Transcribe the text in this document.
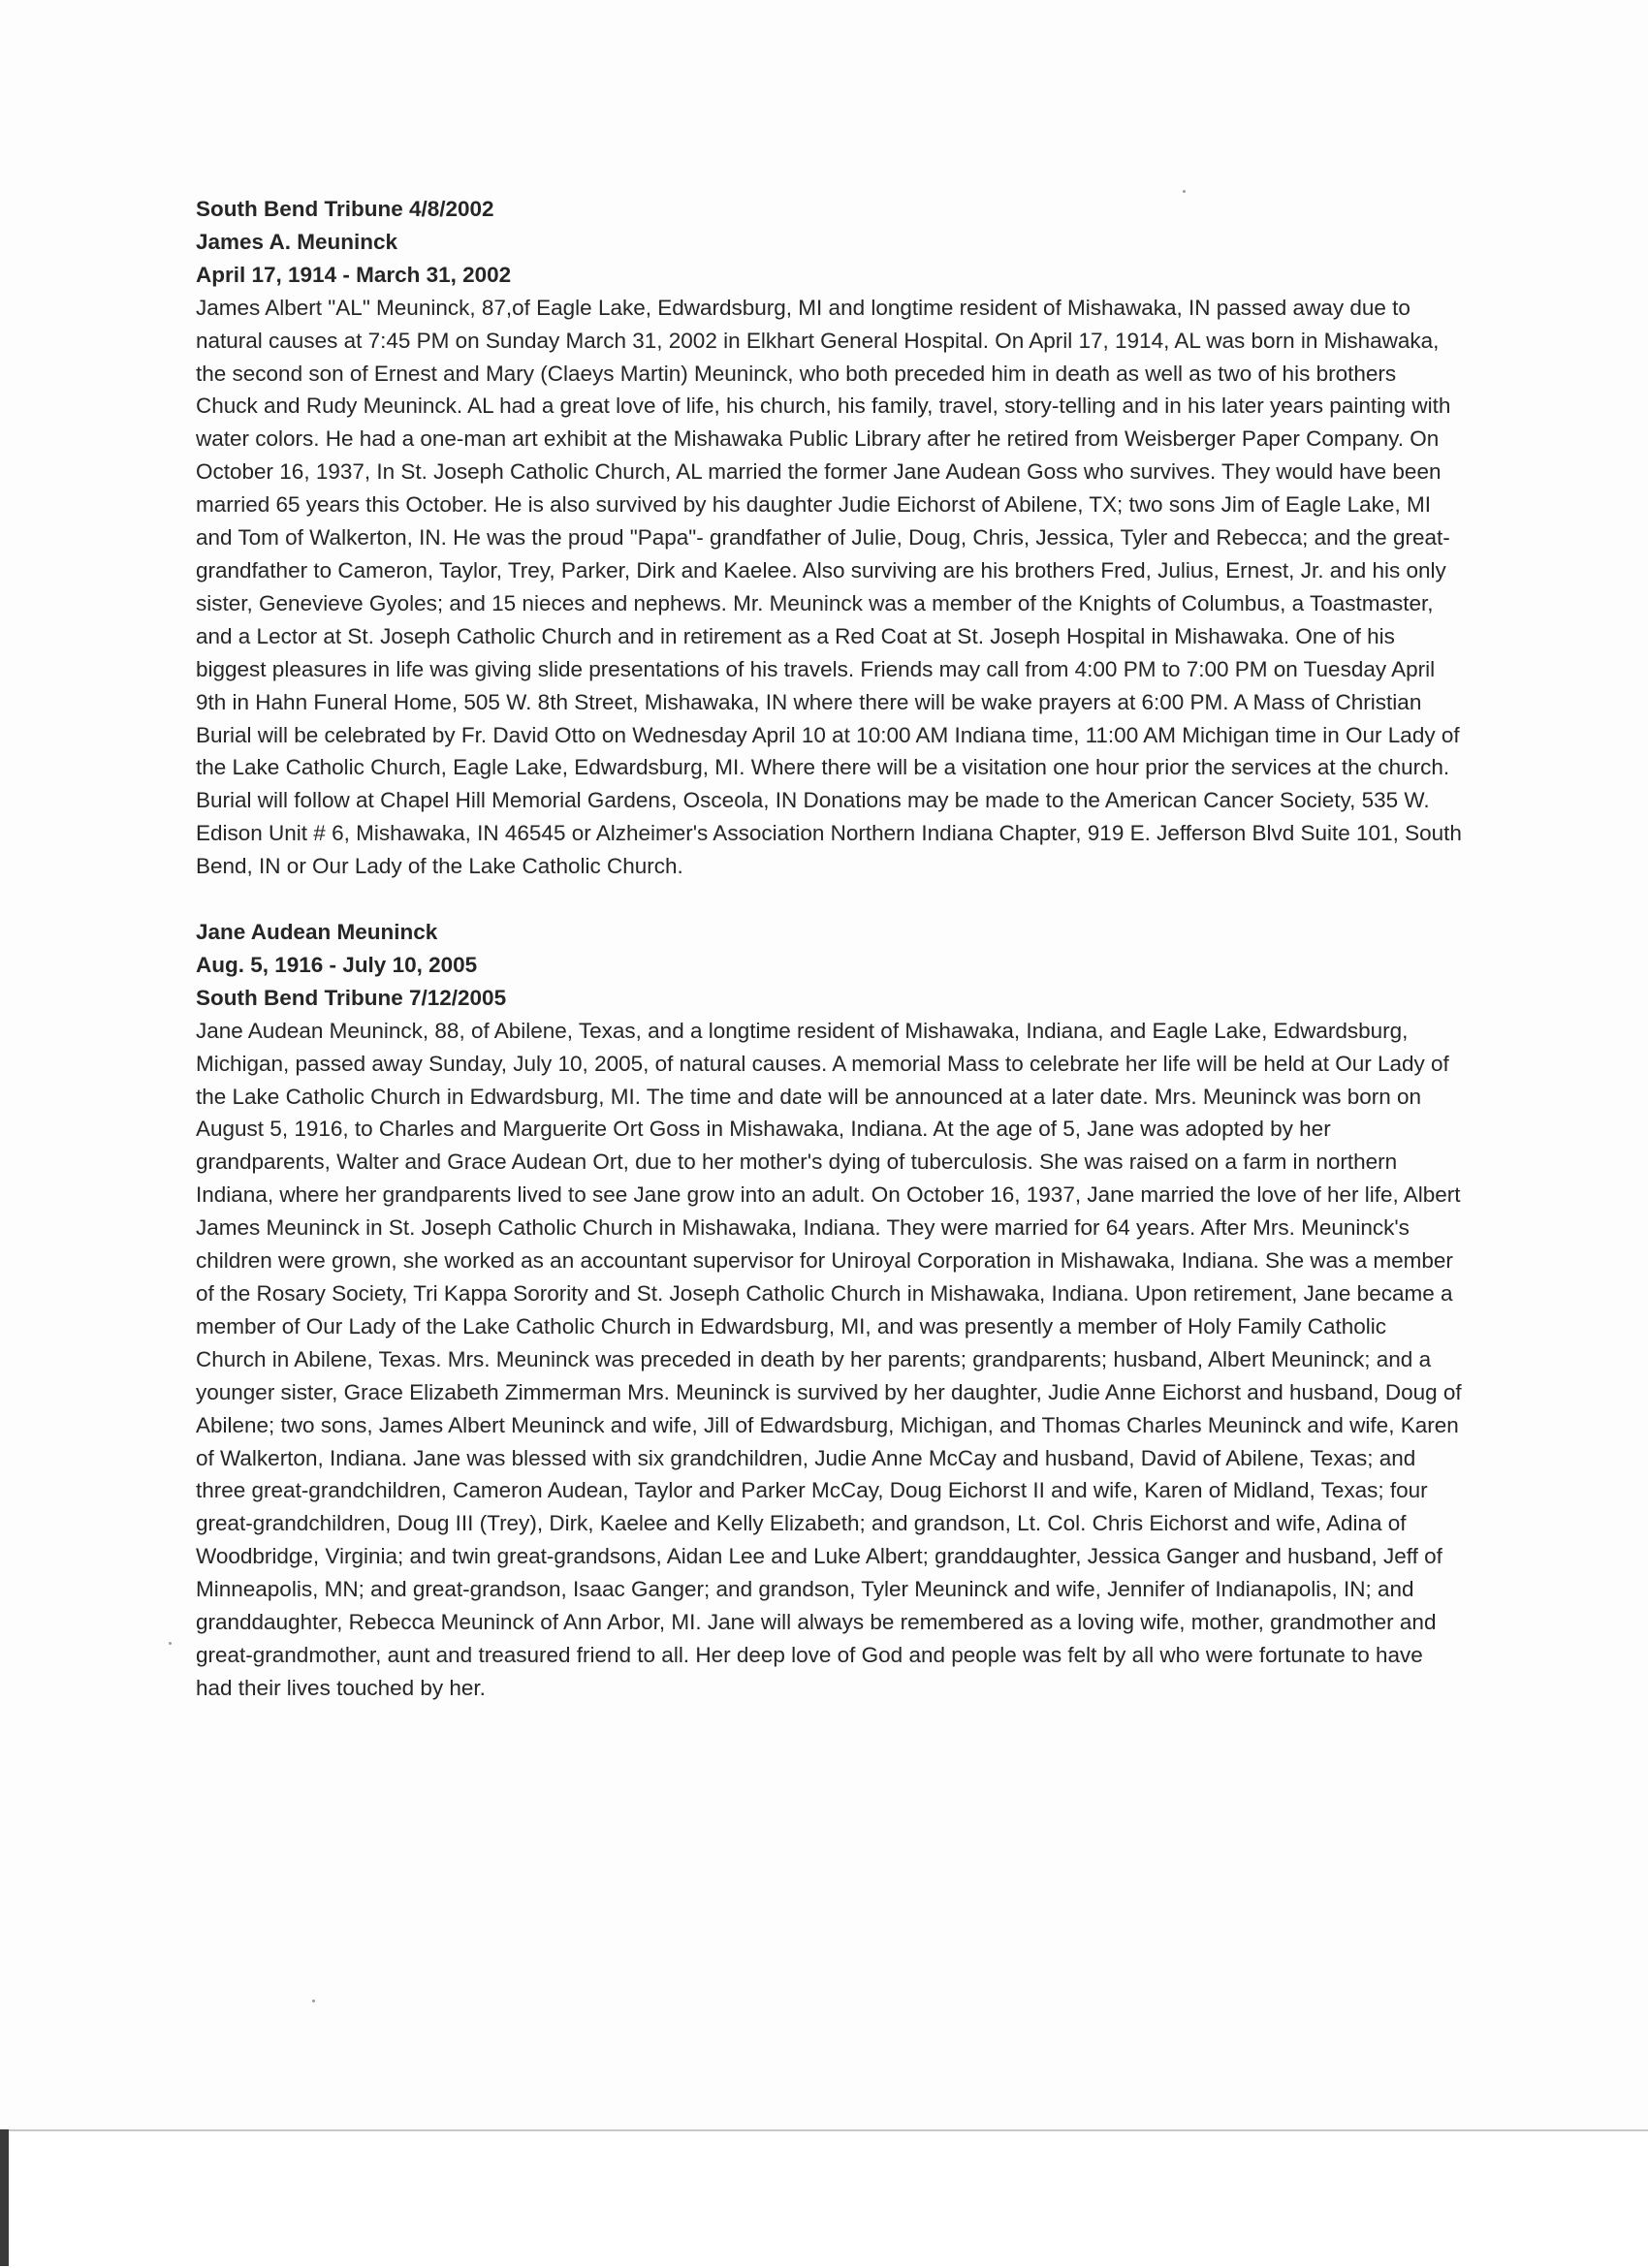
South Bend Tribune 4/8/2002
James A. Meuninck
April 17, 1914 - March 31, 2002

James Albert "AL" Meuninck, 87,of Eagle Lake, Edwardsburg, MI and longtime resident of Mishawaka, IN passed away due to natural causes at 7:45 PM on Sunday March 31, 2002 in Elkhart General Hospital. On April 17, 1914, AL was born in Mishawaka, the second son of Ernest and Mary (Claeys Martin) Meuninck, who both preceded him in death as well as two of his brothers Chuck and Rudy Meuninck. AL had a great love of life, his church, his family, travel, story-telling and in his later years painting with water colors. He had a one-man art exhibit at the Mishawaka Public Library after he retired from Weisberger Paper Company. On October 16, 1937, In St. Joseph Catholic Church, AL married the former Jane Audean Goss who survives. They would have been married 65 years this October. He is also survived by his daughter Judie Eichorst of Abilene, TX; two sons Jim of Eagle Lake, MI and Tom of Walkerton, IN. He was the proud "Papa"- grandfather of Julie, Doug, Chris, Jessica, Tyler and Rebecca; and the great-grandfather to Cameron, Taylor, Trey, Parker, Dirk and Kaelee. Also surviving are his brothers Fred, Julius, Ernest, Jr. and his only sister, Genevieve Gyoles; and 15 nieces and nephews. Mr. Meuninck was a member of the Knights of Columbus, a Toastmaster, and a Lector at St. Joseph Catholic Church and in retirement as a Red Coat at St. Joseph Hospital in Mishawaka. One of his biggest pleasures in life was giving slide presentations of his travels. Friends may call from 4:00 PM to 7:00 PM on Tuesday April 9th in Hahn Funeral Home, 505 W. 8th Street, Mishawaka, IN where there will be wake prayers at 6:00 PM. A Mass of Christian Burial will be celebrated by Fr. David Otto on Wednesday April 10 at 10:00 AM Indiana time, 11:00 AM Michigan time in Our Lady of the Lake Catholic Church, Eagle Lake, Edwardsburg, MI. Where there will be a visitation one hour prior the services at the church. Burial will follow at Chapel Hill Memorial Gardens, Osceola, IN Donations may be made to the American Cancer Society, 535 W. Edison Unit # 6, Mishawaka, IN 46545 or Alzheimer's Association Northern Indiana Chapter, 919 E. Jefferson Blvd Suite 101, South Bend, IN or Our Lady of the Lake Catholic Church.

Jane Audean Meuninck
Aug. 5, 1916 - July 10, 2005
South Bend Tribune 7/12/2005

Jane Audean Meuninck, 88, of Abilene, Texas, and a longtime resident of Mishawaka, Indiana, and Eagle Lake, Edwardsburg, Michigan, passed away Sunday, July 10, 2005, of natural causes. A memorial Mass to celebrate her life will be held at Our Lady of the Lake Catholic Church in Edwardsburg, MI. The time and date will be announced at a later date. Mrs. Meuninck was born on August 5, 1916, to Charles and Marguerite Ort Goss in Mishawaka, Indiana. At the age of 5, Jane was adopted by her grandparents, Walter and Grace Audean Ort, due to her mother's dying of tuberculosis. She was raised on a farm in northern Indiana, where her grandparents lived to see Jane grow into an adult. On October 16, 1937, Jane married the love of her life, Albert James Meuninck in St. Joseph Catholic Church in Mishawaka, Indiana. They were married for 64 years. After Mrs. Meuninck's children were grown, she worked as an accountant supervisor for Uniroyal Corporation in Mishawaka, Indiana. She was a member of the Rosary Society, Tri Kappa Sorority and St. Joseph Catholic Church in Mishawaka, Indiana. Upon retirement, Jane became a member of Our Lady of the Lake Catholic Church in Edwardsburg, MI, and was presently a member of Holy Family Catholic Church in Abilene, Texas. Mrs. Meuninck was preceded in death by her parents; grandparents; husband, Albert Meuninck; and a younger sister, Grace Elizabeth Zimmerman Mrs. Meuninck is survived by her daughter, Judie Anne Eichorst and husband, Doug of Abilene; two sons, James Albert Meuninck and wife, Jill of Edwardsburg, Michigan, and Thomas Charles Meuninck and wife, Karen of Walkerton, Indiana. Jane was blessed with six grandchildren, Judie Anne McCay and husband, David of Abilene, Texas; and three great-grandchildren, Cameron Audean, Taylor and Parker McCay, Doug Eichorst II and wife, Karen of Midland, Texas; four great-grandchildren, Doug III (Trey), Dirk, Kaelee and Kelly Elizabeth; and grandson, Lt. Col. Chris Eichorst and wife, Adina of Woodbridge, Virginia; and twin great-grandsons, Aidan Lee and Luke Albert; granddaughter, Jessica Ganger and husband, Jeff of Minneapolis, MN; and great-grandson, Isaac Ganger; and grandson, Tyler Meuninck and wife, Jennifer of Indianapolis, IN; and granddaughter, Rebecca Meuninck of Ann Arbor, MI. Jane will always be remembered as a loving wife, mother, grandmother and great-grandmother, aunt and treasured friend to all. Her deep love of God and people was felt by all who were fortunate to have had their lives touched by her.
